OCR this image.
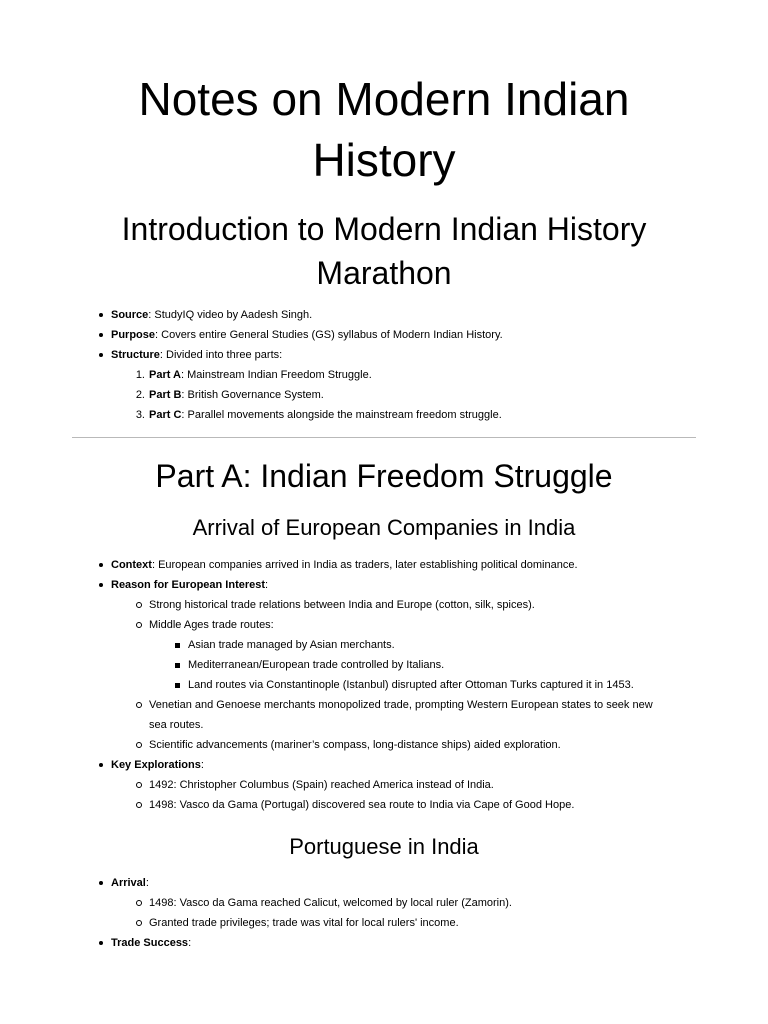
Notes on Modern Indian History
Introduction to Modern Indian History Marathon
Source: StudyIQ video by Aadesh Singh.
Purpose: Covers entire General Studies (GS) syllabus of Modern Indian History.
Structure: Divided into three parts:
1. Part A: Mainstream Indian Freedom Struggle.
2. Part B: British Governance System.
3. Part C: Parallel movements alongside the mainstream freedom struggle.
Part A: Indian Freedom Struggle
Arrival of European Companies in India
Context: European companies arrived in India as traders, later establishing political dominance.
Reason for European Interest:
Strong historical trade relations between India and Europe (cotton, silk, spices).
Middle Ages trade routes:
Asian trade managed by Asian merchants.
Mediterranean/European trade controlled by Italians.
Land routes via Constantinople (Istanbul) disrupted after Ottoman Turks captured it in 1453.
Venetian and Genoese merchants monopolized trade, prompting Western European states to seek new sea routes.
Scientific advancements (mariner’s compass, long-distance ships) aided exploration.
Key Explorations:
1492: Christopher Columbus (Spain) reached America instead of India.
1498: Vasco da Gama (Portugal) discovered sea route to India via Cape of Good Hope.
Portuguese in India
Arrival:
1498: Vasco da Gama reached Calicut, welcomed by local ruler (Zamorin).
Granted trade privileges; trade was vital for local rulers' income.
Trade Success:
